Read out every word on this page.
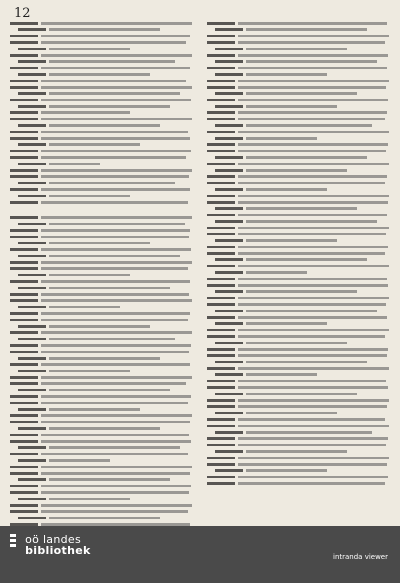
12

oö landes
bibliothek	intranda viewer
